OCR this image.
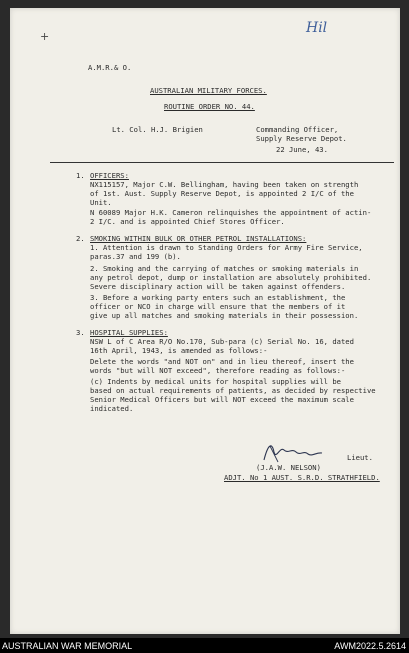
Hil
+
A.M.R.& O.
AUSTRALIAN MILITARY FORCES.
ROUTINE ORDER NO. 44.
Lt. Col. H.J. Brigien	Commanding Officer,
Supply Reserve Depot.
22 June, 43.
1. OFFICERS:
NX115157, Major C.W. Bellingham, having been taken on strength
of 1st. Aust. Supply Reserve Depot, is appointed 2 I/C of the
Unit.
N 60089 Major H.K. Cameron relinquishes the appointment of actin-
2 I/C. and is appointed Chief Stores Officer.
2. SMOKING WITHIN BULK OR OTHER PETROL INSTALLATIONS:
1. Attention is drawn to Standing Orders for Army Fire Service,
paras.37 and 199 (b).
2. Smoking and the carrying of matches or smoking materials in
any petrol depot, dump or installation are absolutely prohibited.
Severe disciplinary action will be taken against offenders.
3. Before a working party enters such an establishment, the
officer or NCO in charge will ensure that the members of it
give up all matches and smoking materials in their possession.
3. HOSPITAL SUPPLIES:
NSW L of C Area R/O No.170, Sub-para (c) Serial No. 16, dated
16th April, 1943, is amended as follows:-
Delete the words "and NOT on" and in lieu thereof, insert the
words "but will NOT exceed", therefore reading as follows:-
(c) Indents by medical units for hospital supplies will be
based on actual requirements of patients, as decided by respective
Senior Medical Officers but will NOT exceed the maximum scale
indicated.
Lieut.
(J.A.W. NELSON)
ADJT. No 1 AUST. S.R.D. STRATHFIELD.
AUSTRALIAN WAR MEMORIAL	AWM2022.5.2614
